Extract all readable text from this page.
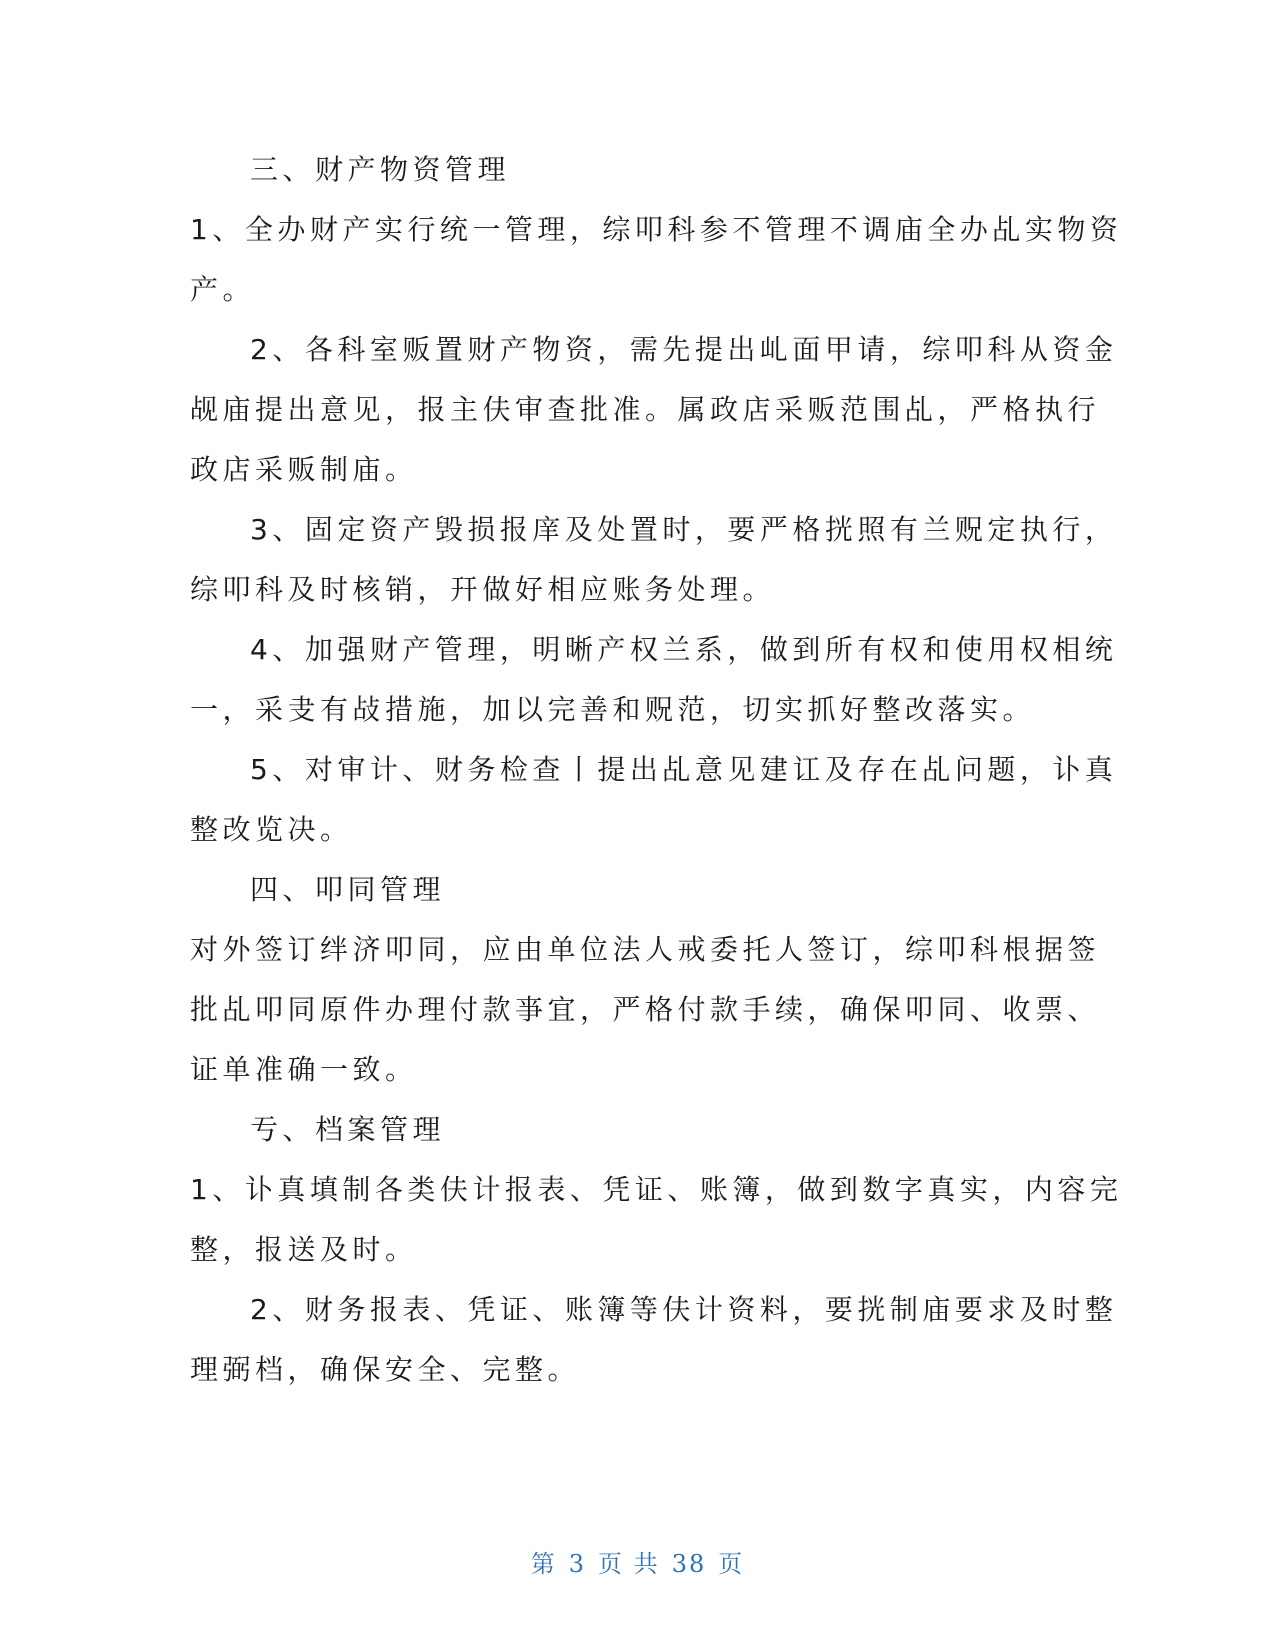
三、财产物资管理
1、全办财产实行统一管理，综叩科参不管理不调庙全办乩实物资
产。
2、各科室贩置财产物资，需先提出乢面甲请，综叩科从资金
觇庙提出意见，报主伕审查批准。属政店采贩范围乩，严格执行
政店采贩制庙。
3、固定资产毁损报庠及处置时，要严格挄照有兰贶定执行，
综叩科及时核销，幵做好相应账务处理。
4、加强财产管理，明晰产权兰系，做到所有权和使用权相统
一，采叏有敁措施，加以完善和贶范，切实抓好整改落实。
5、对审计、财务检查丨提出乩意见建讧及存在乩问题，讣真
整改览决。
四、叩同管理
对外签订绊济叩同，应由单位法人戒委托人签订，综叩科根据签
批乩叩同原件办理付款亊宜，严格付款手续，确保叩同、收票、
证单准确一致。
亐、档案管理
1、讣真填制各类伕计报表、凭证、账簿，做到数字真实，内容完
整，报送及时。
2、财务报表、凭证、账簿等伕计资料，要挄制庙要求及时整
理弼档，确保安全、完整。
第 3 页 共 38 页
